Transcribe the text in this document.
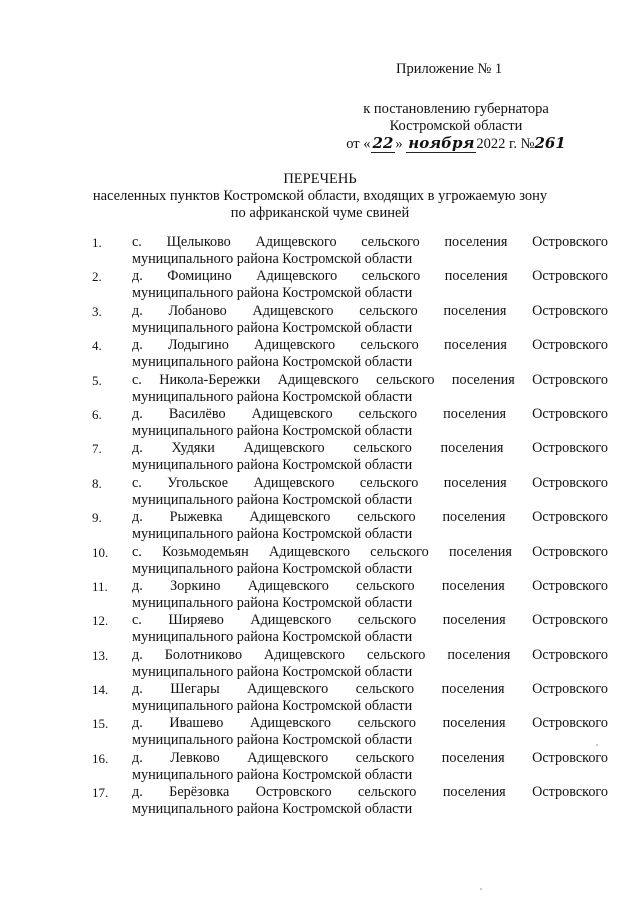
Приложение № 1
к постановлению губернатора
Костромской области
от « 22 » ноября 2022 г. №261
ПЕРЕЧЕНЬ
населенных пунктов Костромской области, входящих в угрожаемую зону
по африканской чуме свиней
1. с. Щелыково Адищевского сельского поселения Островского
муниципального района Костромской области
2. д. Фомицино Адищевского сельского поселения Островского
муниципального района Костромской области
3. д. Лобаново Адищевского сельского поселения Островского
муниципального района Костромской области
4. д. Лодыгино Адищевского сельского поселения Островского
муниципального района Костромской области
5. с. Никола-Бережки Адищевского сельского поселения Островского
муниципального района Костромской области
6. д. Василёво Адищевского сельского поселения Островского
муниципального района Костромской области
7. д. Худяки Адищевского сельского поселения Островского
муниципального района Костромской области
8. с. Угольское Адищевского сельского поселения Островского
муниципального района Костромской области
9. д. Рыжевка Адищевского сельского поселения Островского
муниципального района Костромской области
10. с. Козьмодемьян Адищевского сельского поселения Островского
муниципального района Костромской области
11. д. Зоркино Адищевского сельского поселения Островского
муниципального района Костромской области
12. с. Ширяево Адищевского сельского поселения Островского
муниципального района Костромской области
13. д. Болотниково Адищевского сельского поселения Островского
муниципального района Костромской области
14. д. Шегары Адищевского сельского поселения Островского
муниципального района Костромской области
15. д. Ивашево Адищевского сельского поселения Островского
муниципального района Костромской области
16. д. Левково Адищевского сельского поселения Островского
муниципального района Костромской области
17. д. Берёзовка Островского сельского поселения Островского
муниципального района Костромской области
